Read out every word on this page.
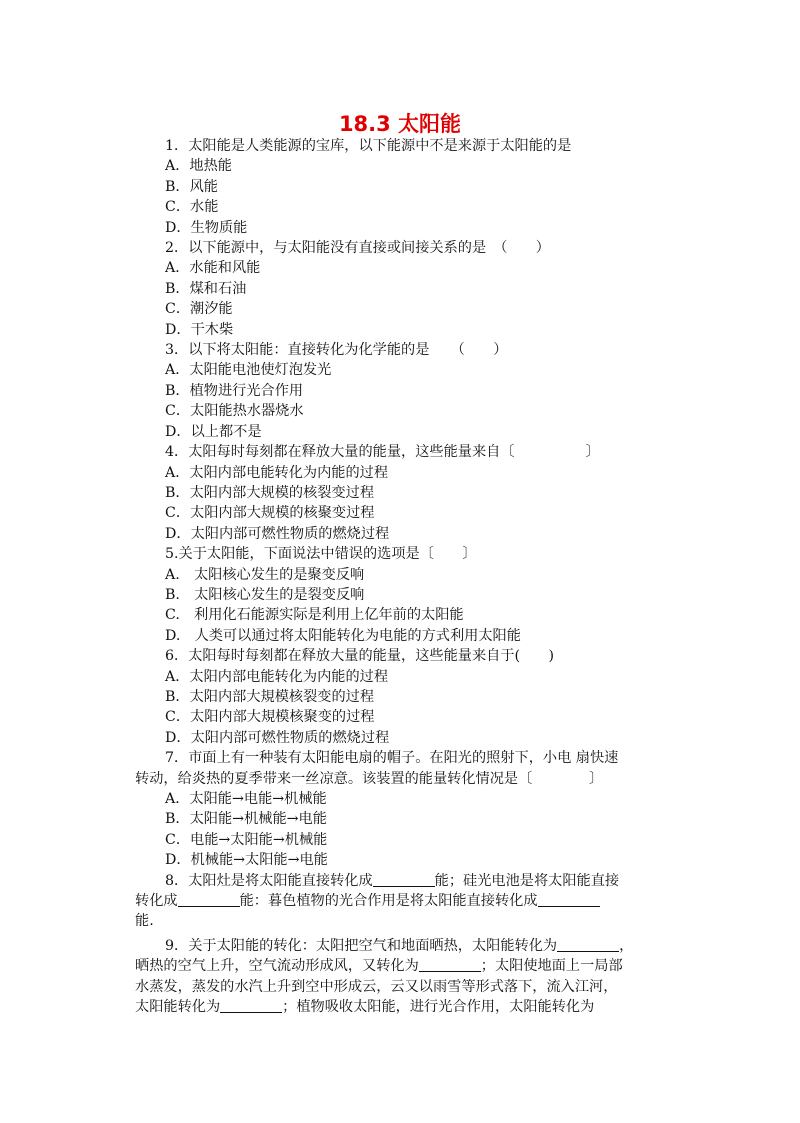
18.3 太阳能
1．太阳能是人类能源的宝库，以下能源中不是来源于太阳能的是
A．地热能
B．风能
C．水能
D．生物质能
2．以下能源中，与太阳能没有直接或间接关系的是　（　　）
A．水能和风能
B．煤和石油
C．潮汐能
D．干木柴
3．以下将太阳能：直接转化为化学能的是　　（　　）
A．太阳能电池使灯泡发光
B．植物进行光合作用
C．太阳能热水器烧水
D．以上都不是
4．太阳每时每刻都在释放大量的能量，这些能量来自〔　　　　　〕
A．太阳内部电能转化为内能的过程
B．太阳内部大规模的核裂变过程
C．太阳内部大规模的核聚变过程
D．太阳内部可燃性物质的燃烧过程
5.关于太阳能，下面说法中错误的选项是〔　　〕
A.　太阳核心发生的是聚变反响
B.　太阳核心发生的是裂变反响
C.　利用化石能源实际是利用上亿年前的太阳能
D.　人类可以通过将太阳能转化为电能的方式利用太阳能
6．太阳每时每刻都在释放大量的能量，这些能量来自于(　　)
A．太阳内部电能转化为内能的过程
B．太阳内部大規模核裂变的过程
C．太阳内部大規模核聚变的过程
D．太阳内部可燃性物质的燃烧过程
7．市面上有一种装有太阳能电扇的帽子。在阳光的照射下，小电 扇快速
转动，给炎热的夏季带来一丝凉意。该装置的能量转化情况是〔　　　　〕
A．太阳能→电能→机械能
B．太阳能→机械能→电能
C．电能→太阳能→机械能
D．机械能→太阳能→电能
8．太阳灶是将太阳能直接转化成	能；硅光电池是将太阳能直接
转化成	能：暮色植物的光合作用是将太阳能直接转化成
能.
9．关于太阳能的转化：太阳把空气和地面晒热，太阳能转化为	，
晒热的空气上升，空气流动形成风，又转化为	；太阳使地面上一局部
水蒸发，蒸发的水汽上升到空中形成云，云又以雨雪等形式落下，流入江河，
太阳能转化为	；植物吸收太阳能，进行光合作用，太阳能转化为
